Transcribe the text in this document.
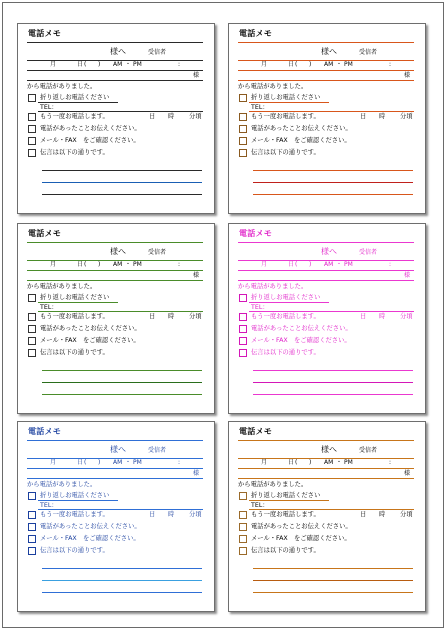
電話メモ
様へ	受信者
月	日 ( ) AM ・ PM	:
様
から電話がありました。
折り返しお電話ください
TEL：
もう一度お電話します。	日 時 分頃
電話があったことお伝えください。
メール・FAX　をご確認ください。
伝言は以下の通りです。
電話メモ
様へ	受信者
月	日 ( ) AM ・ PM	:
様
から電話がありました。
折り返しお電話ください
TEL：
もう一度お電話します。	日 時 分頃
電話があったことお伝えください。
メール・FAX　をご確認ください。
伝言は以下の通りです。
電話メモ
様へ	受信者
月	日 ( ) AM ・ PM	:
様
から電話がありました。
折り返しお電話ください
TEL：
もう一度お電話します。	日 時 分頃
電話があったことお伝えください。
メール・FAX　をご確認ください。
伝言は以下の通りです。
電話メモ
様へ	受信者
月	日 ( ) AM ・ PM	:
様
から電話がありました。
折り返しお電話ください
TEL：
もう一度お電話します。	日 時 分頃
電話があったことお伝えください。
メール・FAX　をご確認ください。
伝言は以下の通りです。
電話メモ
様へ	受信者
月	日 ( ) AM ・ PM	:
様
から電話がありました。
折り返しお電話ください
TEL：
もう一度お電話します。	日 時 分頃
電話があったことお伝えください。
メール・FAX　をご確認ください。
伝言は以下の通りです。
電話メモ
様へ	受信者
月	日 ( ) AM ・ PM	:
様
から電話がありました。
折り返しお電話ください
TEL：
もう一度お電話します。	日 時 分頃
電話があったことお伝えください。
メール・FAX　をご確認ください。
伝言は以下の通りです。
